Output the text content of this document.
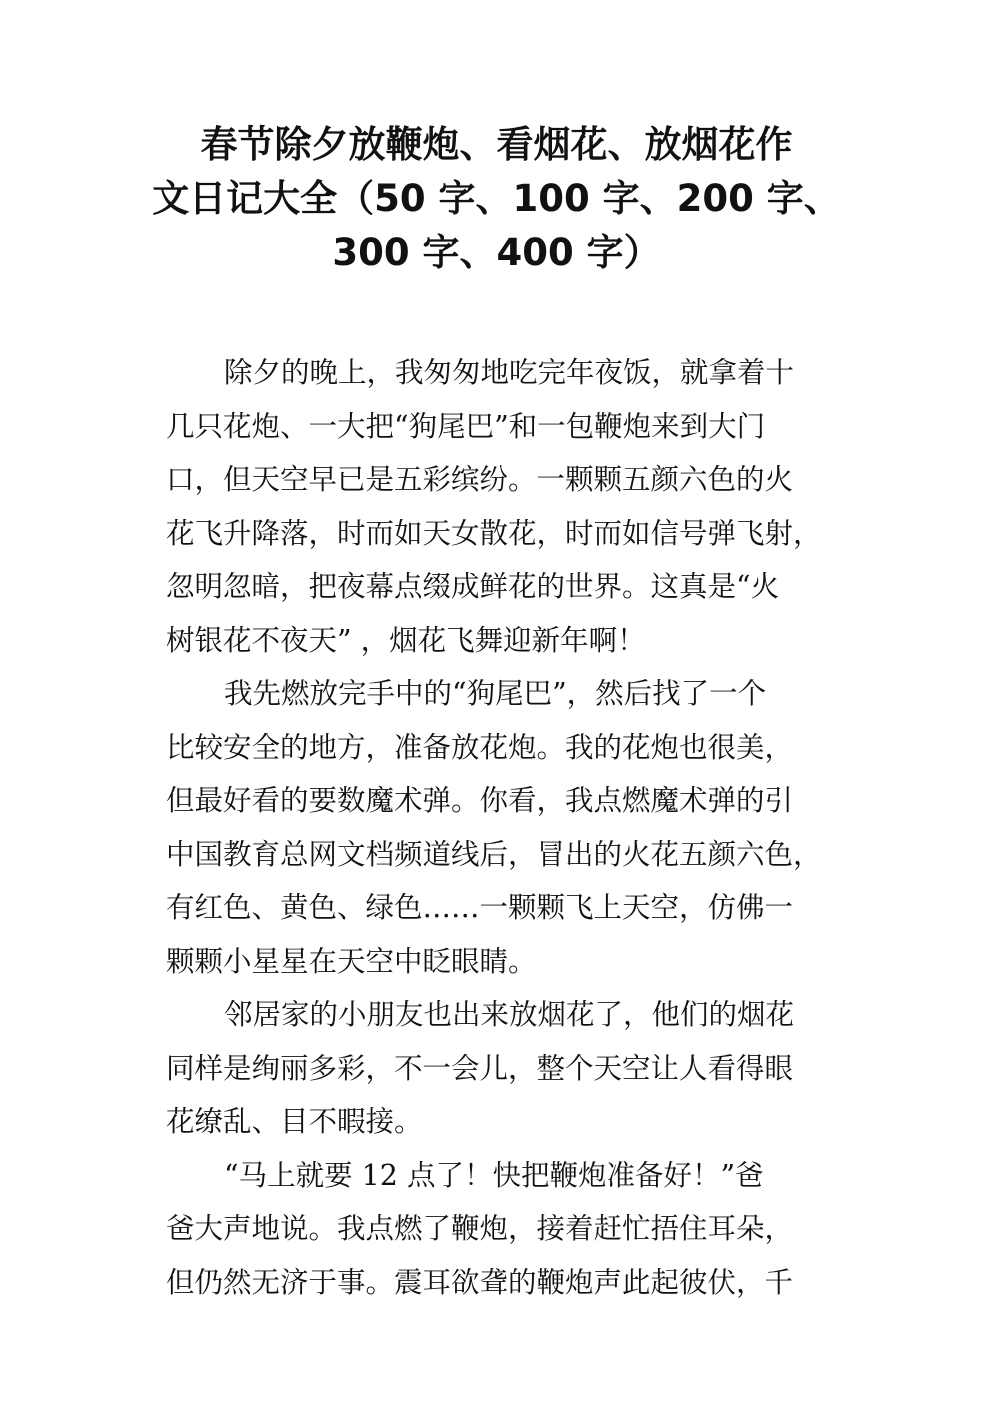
春节除夕放鞭炮、看烟花、放烟花作
文日记大全（50 字、100 字、200 字、
300 字、400 字）

除夕的晚上，我匆匆地吃完年夜饭，就拿着十
几只花炮、一大把“狗尾巴”和一包鞭炮来到大门
口，但天空早已是五彩缤纷。一颗颗五颜六色的火
花飞升降落，时而如天女散花，时而如信号弹飞射，
忽明忽暗，把夜幕点缀成鲜花的世界。这真是“火
树银花不夜天” ，烟花飞舞迎新年啊！

我先燃放完手中的“狗尾巴”，然后找了一个
比较安全的地方，准备放花炮。我的花炮也很美，
但最好看的要数魔术弹。你看，我点燃魔术弹的引
中国教育总网文档频道线后，冒出的火花五颜六色，
有红色、黄色、绿色……一颗颗飞上天空，仿佛一
颗颗小星星在天空中眨眼睛。

邻居家的小朋友也出来放烟花了，他们的烟花
同样是绚丽多彩，不一会儿，整个天空让人看得眼
花缭乱、目不暇接。

“马上就要 12 点了！快把鞭炮准备好！”爸
爸大声地说。我点燃了鞭炮，接着赶忙捂住耳朵，
但仍然无济于事。震耳欲聋的鞭炮声此起彼伏，千
